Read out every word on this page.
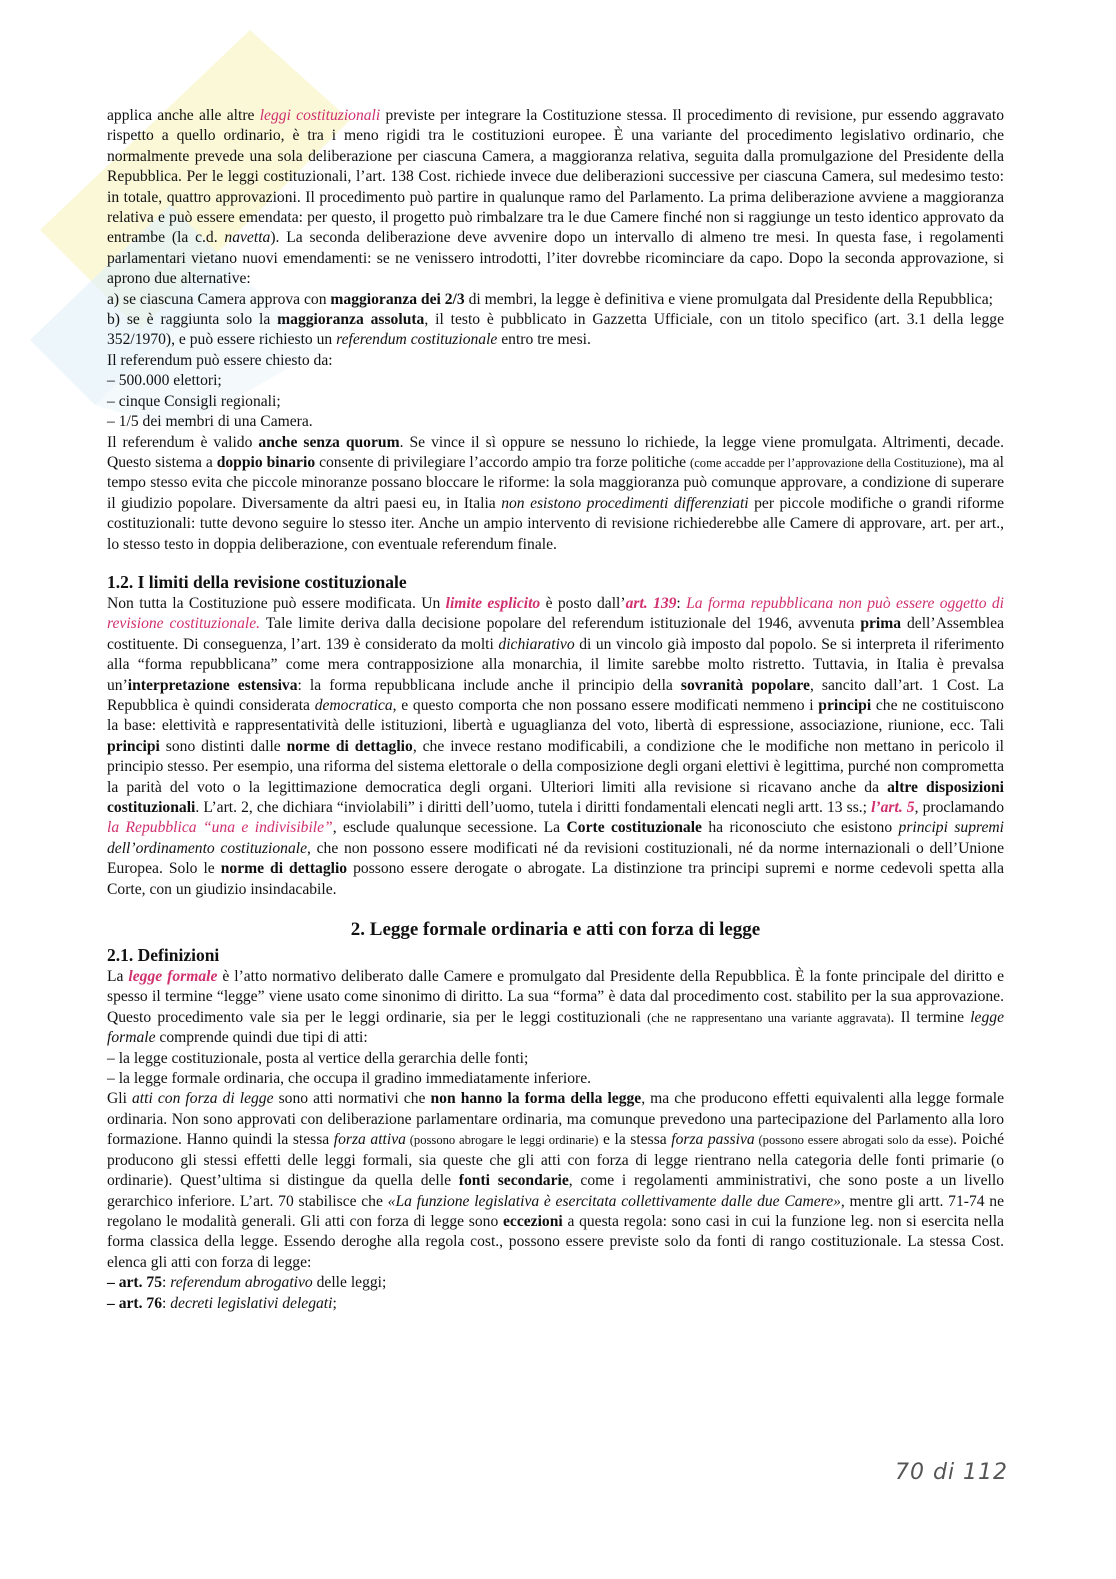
applica anche alle altre leggi costituzionali previste per integrare la Costituzione stessa. Il procedimento di revisione, pur essendo aggravato rispetto a quello ordinario, è tra i meno rigidi tra le costituzioni europee. È una variante del procedimento legislativo ordinario, che normalmente prevede una sola deliberazione per ciascuna Camera, a maggioranza relativa, seguita dalla promulgazione del Presidente della Repubblica. Per le leggi costituzionali, l’art. 138 Cost. richiede invece due deliberazioni successive per ciascuna Camera, sul medesimo testo: in totale, quattro approvazioni. Il procedimento può partire in qualunque ramo del Parlamento. La prima deliberazione avviene a maggioranza relativa e può essere emendata: per questo, il progetto può rimbalzare tra le due Camere finché non si raggiunge un testo identico approvato da entrambe (la c.d. navetta). La seconda deliberazione deve avvenire dopo un intervallo di almeno tre mesi. In questa fase, i regolamenti parlamentari vietano nuovi emendamenti: se ne venissero introdotti, l’iter dovrebbe ricominciare da capo. Dopo la seconda approvazione, si aprono due alternative:

a) se ciascuna Camera approva con maggioranza dei 2/3 di membri, la legge è definitiva e viene promulgata dal Presidente della Repubblica;

b) se è raggiunta solo la maggioranza assoluta, il testo è pubblicato in Gazzetta Ufficiale, con un titolo specifico (art. 3.1 della legge 352/1970), e può essere richiesto un referendum costituzionale entro tre mesi.

Il referendum può essere chiesto da:

– 500.000 elettori;

– cinque Consigli regionali;

– 1/5 dei membri di una Camera.

Il referendum è valido anche senza quorum. Se vince il sì oppure se nessuno lo richiede, la legge viene promulgata. Altrimenti, decade. Questo sistema a doppio binario consente di privilegiare l’accordo ampio tra forze politiche (come accadde per l’approvazione della Costituzione), ma al tempo stesso evita che piccole minoranze possano bloccare le riforme: la sola maggioranza può comunque approvare, a condizione di superare il giudizio popolare. Diversamente da altri paesi eu, in Italia non esistono procedimenti differenziati per piccole modifiche o grandi riforme costituzionali: tutte devono seguire lo stesso iter. Anche un ampio intervento di revisione richiederebbe alle Camere di approvare, art. per art., lo stesso testo in doppia deliberazione, con eventuale referendum finale.

1.2. I limiti della revisione costituzionale

Non tutta la Costituzione può essere modificata. Un limite esplicito è posto dall’art. 139: La forma repubblicana non può essere oggetto di revisione costituzionale. Tale limite deriva dalla decisione popolare del referendum istituzionale del 1946, avvenuta prima dell’Assemblea costituente. Di conseguenza, l’art. 139 è considerato da molti dichiarativo di un vincolo già imposto dal popolo. Se si interpreta il riferimento alla “forma repubblicana” come mera contrapposizione alla monarchia, il limite sarebbe molto ristretto. Tuttavia, in Italia è prevalsa un’interpretazione estensiva: la forma repubblicana include anche il principio della sovranità popolare, sancito dall’art. 1 Cost. La Repubblica è quindi considerata democratica, e questo comporta che non possano essere modificati nemmeno i principi che ne costituiscono la base: elettività e rappresentatività delle istituzioni, libertà e uguaglianza del voto, libertà di espressione, associazione, riunione, ecc. Tali principi sono distinti dalle norme di dettaglio, che invece restano modificabili, a condizione che le modifiche non mettano in pericolo il principio stesso. Per esempio, una riforma del sistema elettorale o della composizione degli organi elettivi è legittima, purché non comprometta la parità del voto o la legittimazione democratica degli organi. Ulteriori limiti alla revisione si ricavano anche da altre disposizioni costituzionali. L’art. 2, che dichiara “inviolabili” i diritti dell’uomo, tutela i diritti fondamentali elencati negli artt. 13 ss.; l’art. 5, proclamando la Repubblica “una e indivisibile”, esclude qualunque secessione. La Corte costituzionale ha riconosciuto che esistono principi supremi dell’ordinamento costituzionale, che non possono essere modificati né da revisioni costituzionali, né da norme internazionali o dell’Unione Europea. Solo le norme di dettaglio possono essere derogate o abrogate. La distinzione tra principi supremi e norme cedevoli spetta alla Corte, con un giudizio insindacabile.

2. Legge formale ordinaria e atti con forza di legge
2.1. Definizioni

La legge formale è l’atto normativo deliberato dalle Camere e promulgato dal Presidente della Repubblica. È la fonte principale del diritto e spesso il termine “legge” viene usato come sinonimo di diritto. La sua “forma” è data dal procedimento cost. stabilito per la sua approvazione. Questo procedimento vale sia per le leggi ordinarie, sia per le leggi costituzionali (che ne rappresentano una variante aggravata). Il termine legge formale comprende quindi due tipi di atti:

– la legge costituzionale, posta al vertice della gerarchia delle fonti;

– la legge formale ordinaria, che occupa il gradino immediatamente inferiore.

Gli atti con forza di legge sono atti normativi che non hanno la forma della legge, ma che producono effetti equivalenti alla legge formale ordinaria. Non sono approvati con deliberazione parlamentare ordinaria, ma comunque prevedono una partecipazione del Parlamento alla loro formazione. Hanno quindi la stessa forza attiva (possono abrogare le leggi ordinarie) e la stessa forza passiva (possono essere abrogati solo da esse). Poiché producono gli stessi effetti delle leggi formali, sia queste che gli atti con forza di legge rientrano nella categoria delle fonti primarie (o ordinarie). Quest’ultima si distingue da quella delle fonti secondarie, come i regolamenti amministrativi, che sono poste a un livello gerarchico inferiore. L’art. 70 stabilisce che «La funzione legislativa è esercitata collettivamente dalle due Camere», mentre gli artt. 71-74 ne regolano le modalità generali. Gli atti con forza di legge sono eccezioni a questa regola: sono casi in cui la funzione leg. non si esercita nella forma classica della legge. Essendo deroghe alla regola cost., possono essere previste solo da fonti di rango costituzionale. La stessa Cost. elenca gli atti con forza di legge:

– art. 75: referendum abrogativo delle leggi;

– art. 76: decreti legislativi delegati;

70 di 112
